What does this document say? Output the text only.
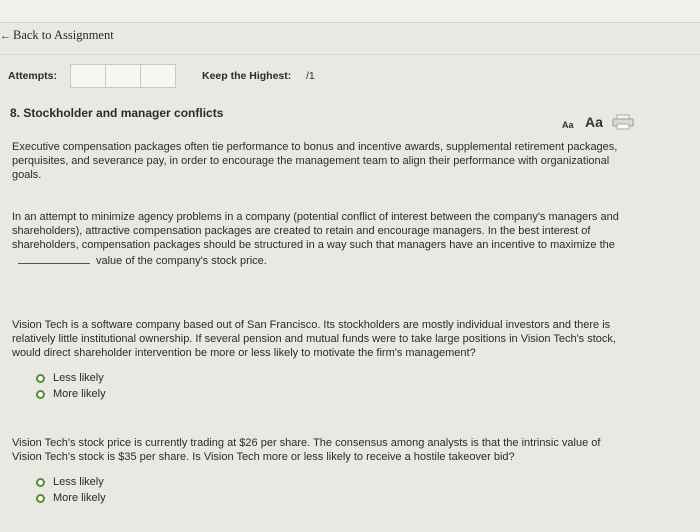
← Back to Assignment
Attempts:	Keep the Highest: /1
8. Stockholder and manager conflicts
Aa Aa

Executive compensation packages often tie performance to bonus and incentive awards, supplemental retirement packages, perquisites, and severance pay, in order to encourage the management team to align their performance with organizational goals.

In an attempt to minimize agency problems in a company (potential conflict of interest between the company's managers and shareholders), attractive compensation packages are created to retain and encourage managers. In the best interest of shareholders, compensation packages should be structured in a way such that managers have an incentive to maximize thevalue of the company's stock price.

Vision Tech is a software company based out of San Francisco. Its stockholders are mostly individual investors and there is relatively little institutional ownership. If several pension and mutual funds were to take large positions in Vision Tech's stock, would direct shareholder intervention be more or less likely to motivate the firm's management?

Less likely
More likely

Vision Tech's stock price is currently trading at $26 per share. The consensus among analysts is that the intrinsic value of Vision Tech's stock is $35 per share. Is Vision Tech more or less likely to receive a hostile takeover bid?

Less likely
More likely
